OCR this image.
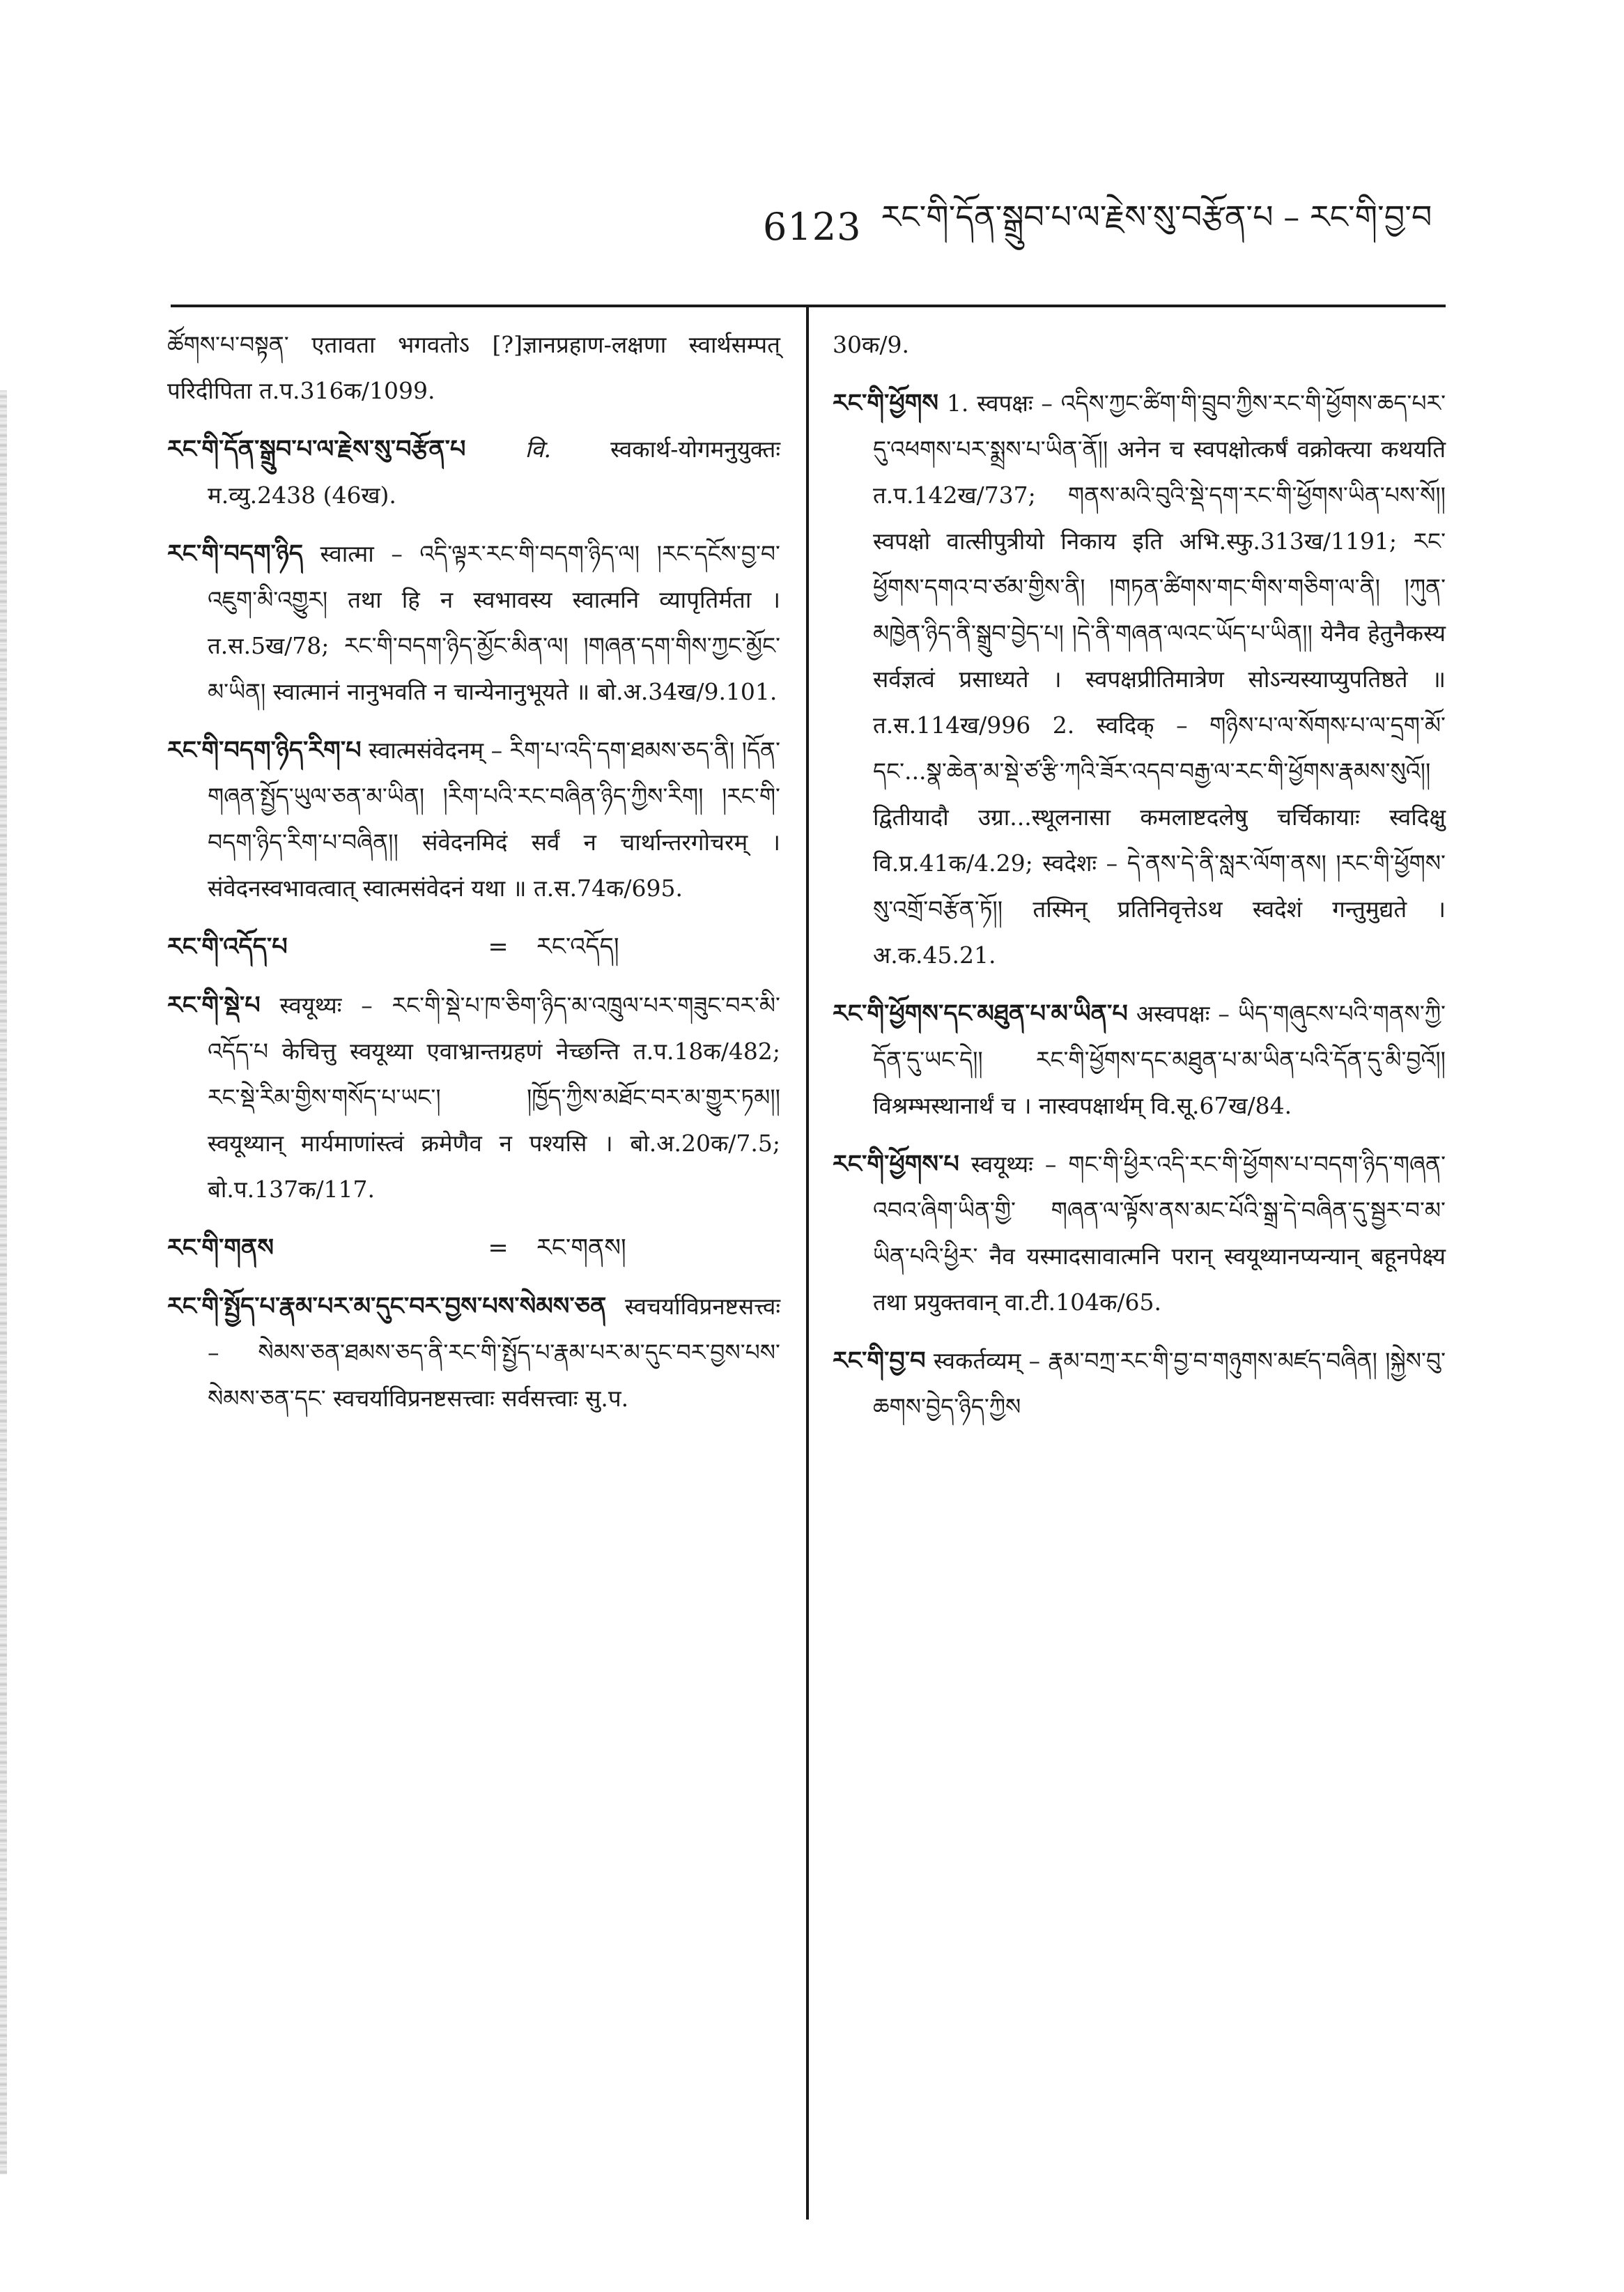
6123 རང་གི་དོན་སྒྲུབ་པ་ལ་རྗེས་སུ་བརྩོན་པ – རང་གི་བྱ་བ
ཚོགས་པ་བསྟན་ एतावता भगवतोऽ [?]ज्ञानप्रहाण-लक्षणा स्वार्थसम्पत् परिदीपिता त.प.316क/1099.
རང་གི་དོན་སྒྲུབ་པ་ལ་རྗེས་སུ་བརྩོན་པ	वि.	स्वकार्थ-योगमनुयुक्तः म.व्यु.2438 (46ख).
རང་གི་བདག་ཉིད स्वात्मा – འདི་ལྟར་རང་གི་བདག་ཉིད་ལ། །རང་དངོས་བྱ་བ་འཇུག་མི་འགྱུར། तथा हि न स्वभावस्य स्वात्मनि व्यापृतिर्मता । त.स.5ख/78; རང་གི་བདག་ཉིད་མྱོང་མིན་ལ། །གཞན་དག་གིས་ཀྱང་མྱོང་མ་ཡིན། स्वात्मानं नानुभवति न चान्येनानुभूयते ॥ बो.अ.34ख/9.101.
རང་གི་བདག་ཉིད་རིག་པ स्वात्मसंवेदनम् – རིག་པ་འདི་དག་ཐམས་ཅད་ནི། །དོན་གཞན་སྤྱོད་ཡུལ་ཅན་མ་ཡིན། །རིག་པའི་རང་བཞིན་ཉིད་ཀྱིས་རིག། །རང་གི་བདག་ཉིད་རིག་པ་བཞིན།། संवेदनमिदं सर्वं न चार्थान्तरगोचरम् । संवेदनस्वभावत्वात् स्वात्मसंवेदनं यथा ॥ त.स.74क/695.
རང་གི་འདོད་པ	=	རང་འདོད།
རང་གི་སྡེ་པ स्वयूथ्यः – རང་གི་སྡེ་པ་ཁ་ཅིག་ཉིད་མ་འཁྲུལ་པར་གཟུང་བར་མི་འདོད་པ केचित्तु स्वयूथ्या एवाभ्रान्तग्रहणं नेच्छन्ति त.प.18क/482; རང་སྡེ་རིམ་གྱིས་གསོད་པ་ཡང་། །ཁྱོད་ཀྱིས་མཐོང་བར་མ་གྱུར་ཏམ།། स्वयूथ्यान् मार्यमाणांस्त्वं क्रमेणैव न पश्यसि । बो.अ.20क/7.5; बो.प.137क/117.
རང་གི་གནས	=	རང་གནས།
རང་གི་སྤྱོད་པ་རྣམ་པར་མ་དུང་བར་བྱས་པས་སེམས་ཅན स्वचर्याविप्रनष्टसत्त्वः – སེམས་ཅན་ཐམས་ཅད་ནི་རང་གི་སྤྱོད་པ་རྣམ་པར་མ་དུང་བར་བྱས་པས་སེམས་ཅན་དང་ स्वचर्याविप्रनष्टसत्त्वाः सर्वसत्त्वाः सु.प.
30क/9.
རང་གི་ཕྱོགས 1. स्वपक्षः – འདིས་ཀྱང་ཚིག་གི་བྲུབ་ཀྱིས་རང་གི་ཕྱོགས་ཆད་པར་དུ་འཕགས་པར་སྨྲས་པ་ཡིན་ནོ།། अनेन च स्वपक्षोत्कर्षं वक्रोक्त्या कथयति त.प.142ख/737; གནས་མའི་བུའི་སྡེ་དག་རང་གི་ཕྱོགས་ཡིན་པས་སོ།། स्वपक्षो वात्सीपुत्रीयो निकाय इति अभि.स्फु.313ख/1191; རང་ཕྱོགས་དགའ་བ་ཙམ་གྱིས་ནི། །གཏན་ཚིགས་གང་གིས་གཅིག་ལ་ནི། །ཀུན་མཁྱེན་ཉིད་ནི་སྒྲུབ་བྱེད་པ། །དེ་ནི་གཞན་ལའང་ཡོད་པ་ཡིན།། येनैव हेतुनैकस्य सर्वज्ञत्वं प्रसाध्यते । स्वपक्षप्रीतिमात्रेण सोऽन्यस्याप्युपतिष्ठते ॥ त.स.114ख/996 2. स्वदिक् – གཉིས་པ་ལ་སོགས་པ་ལ་དྲག་མོ་དང་...སྣ་ཆེན་མ་སྡེ་ཙ་རྩི་ཀའི་ཟོར་འདབ་བརྒྱ་ལ་རང་གི་ཕྱོགས་རྣམས་སུའོ།། द्वितीयादौ उग्रा...स्थूलनासा कमलाष्टदलेषु चर्चिकायाः स्वदिक्षु वि.प्र.41क/4.29; स्वदेशः – དེ་ནས་དེ་ནི་སླར་ལོག་ནས། །རང་གི་ཕྱོགས་སུ་འགྲོ་བརྩོན་ཏོ།། तस्मिन् प्रतिनिवृत्तेऽथ स्वदेशं गन्तुमुद्यते । अ.क.45.21.
རང་གི་ཕྱོགས་དང་མཐུན་པ་མ་ཡིན་པ अस्वपक्षः – ཡིད་གཞུངས་པའི་གནས་ཀྱི་དོན་དུ་ཡང་དེ།། རང་གི་ཕྱོགས་དང་མཐུན་པ་མ་ཡིན་པའི་དོན་དུ་མི་བྱའོ།། विश्रम्भस्थानार्थं च । नास्वपक्षार्थम् वि.सू.67ख/84.
རང་གི་ཕྱོགས་པ स्वयूथ्यः – གང་གི་ཕྱིར་འདི་རང་གི་ཕྱོགས་པ་བདག་ཉིད་གཞན་འབའ་ཞིག་ཡིན་གྱི་ གཞན་ལ་ལྟོས་ནས་མང་པོའི་སྒྲ་དེ་བཞིན་དུ་སྦྱར་བ་མ་ཡིན་པའི་ཕྱིར་ नैव यस्मादसावात्मनि परान् स्वयूथ्यानप्यन्यान् बहूनपेक्ष्य तथा प्रयुक्तवान् वा.टी.104क/65.
རང་གི་བྱ་བ स्वकर्तव्यम् – རྣམ་བཀྲ་རང་གི་བྱ་བ་གཉུགས་མཛད་བཞིན། །སྐྱེས་བུ་ཆགས་བྱེད་ཉིད་ཀྱིས
